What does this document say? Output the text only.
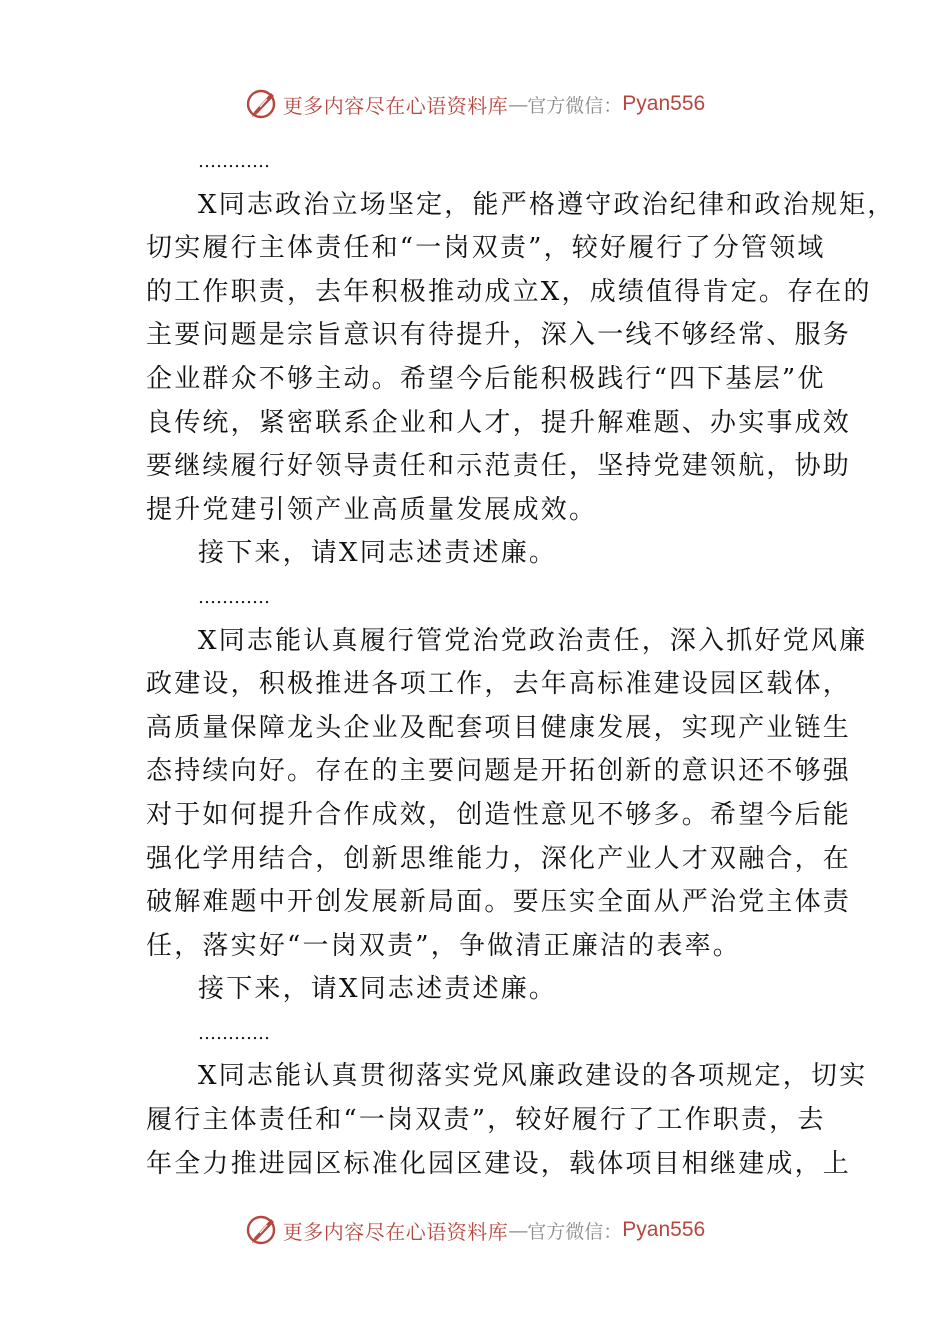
更多内容尽在心语资料库 — 官方微信： Pyan556
…………
X同志政治立场坚定，能严格遵守政治纪律和政治规矩，
切实履行主体责任和“一岗双责”，较好履行了分管领域
的工作职责，去年积极推动成立X，成绩值得肯定。存在的
主要问题是宗旨意识有待提升，深入一线不够经常、服务
企业群众不够主动。希望今后能积极践行“四下基层”优
良传统，紧密联系企业和人才，提升解难题、办实事成效
要继续履行好领导责任和示范责任，坚持党建领航，协助
提升党建引领产业高质量发展成效。
接下来，请X同志述责述廉。
…………
X同志能认真履行管党治党政治责任，深入抓好党风廉
政建设，积极推进各项工作，去年高标准建设园区载体，
高质量保障龙头企业及配套项目健康发展，实现产业链生
态持续向好。存在的主要问题是开拓创新的意识还不够强
对于如何提升合作成效，创造性意见不够多。希望今后能
强化学用结合，创新思维能力，深化产业人才双融合，在
破解难题中开创发展新局面。要压实全面从严治党主体责
任，落实好“一岗双责”，争做清正廉洁的表率。
接下来，请X同志述责述廉。
…………
X同志能认真贯彻落实党风廉政建设的各项规定，切实
履行主体责任和“一岗双责”，较好履行了工作职责，去
年全力推进园区标准化园区建设，载体项目相继建成，上
更多内容尽在心语资料库 — 官方微信： Pyan556
